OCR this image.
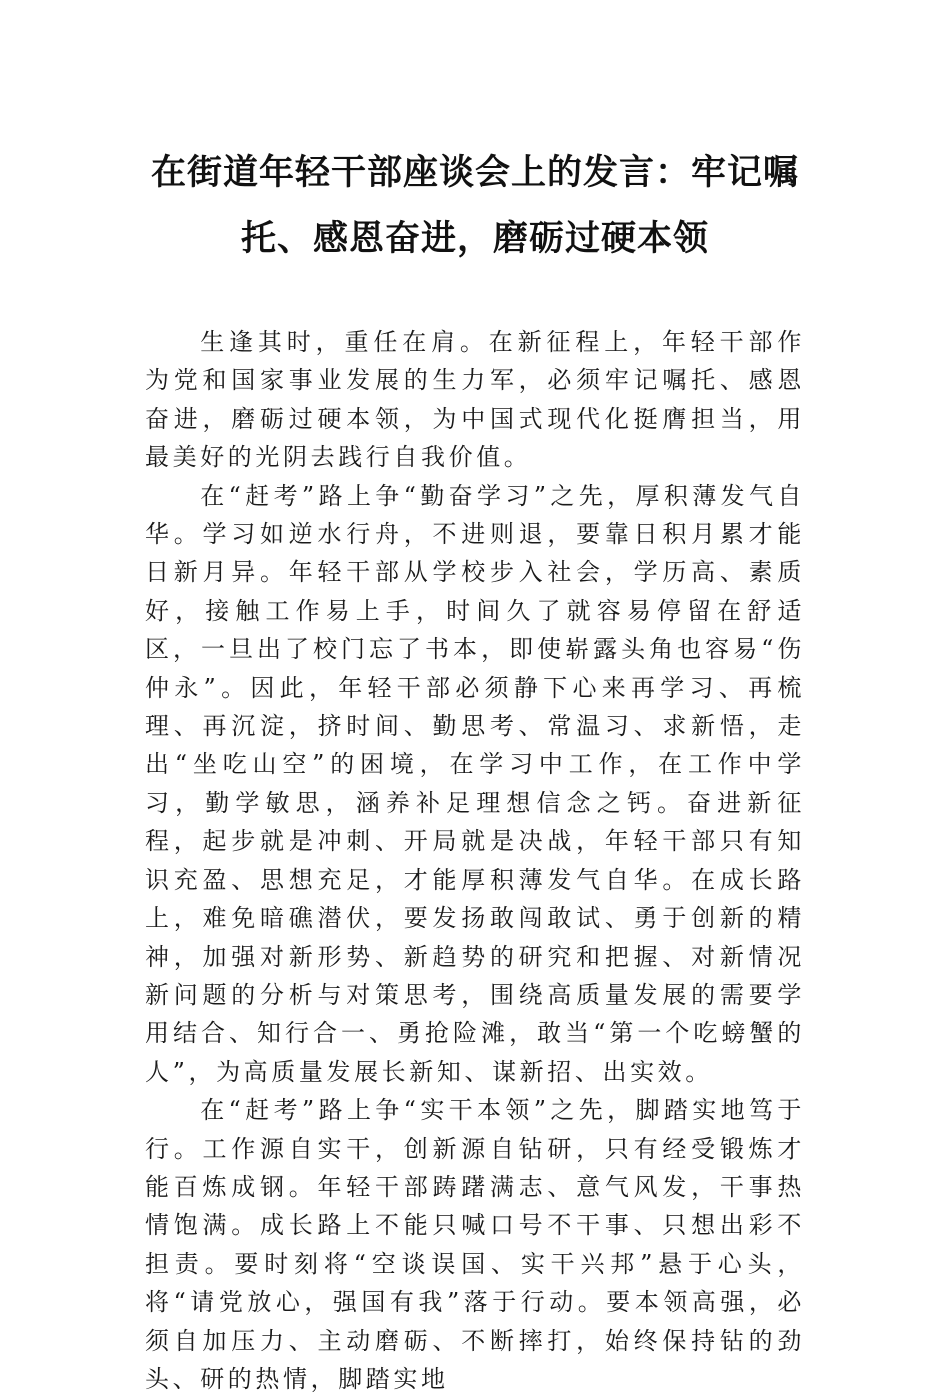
在街道年轻干部座谈会上的发言：牢记嘱
托、感恩奋进，磨砺过硬本领

生逢其时，重任在肩。在新征程上，年轻干部作为党和国家事业发展的生力军，必须牢记嘱托、感恩奋进，磨砺过硬本领，为中国式现代化挺膺担当，用最美好的光阴去践行自我价值。

在“赶考”路上争“勤奋学习”之先，厚积薄发气自华。学习如逆水行舟，不进则退，要靠日积月累才能日新月异。年轻干部从学校步入社会，学历高、素质好，接触工作易上手，时间久了就容易停留在舒适区，一旦出了校门忘了书本，即使崭露头角也容易“伤仲永”。因此，年轻干部必须静下心来再学习、再梳理、再沉淀，挤时间、勤思考、常温习、求新悟，走出“坐吃山空”的困境，在学习中工作，在工作中学习，勤学敏思，涵养补足理想信念之钙。奋进新征程，起步就是冲刺、开局就是决战，年轻干部只有知识充盈、思想充足，才能厚积薄发气自华。在成长路上，难免暗礁潜伏，要发扬敢闯敢试、勇于创新的精神，加强对新形势、新趋势的研究和把握、对新情况新问题的分析与对策思考，围绕高质量发展的需要学用结合、知行合一、勇抢险滩，敢当“第一个吃螃蟹的人”，为高质量发展长新知、谋新招、出实效。

在“赶考”路上争“实干本领”之先，脚踏实地笃于行。工作源自实干，创新源自钻研，只有经受锻炼才能百炼成钢。年轻干部踌躇满志、意气风发，干事热情饱满。成长路上不能只喊口号不干事、只想出彩不担责。要时刻将“空谈误国、实干兴邦”悬于心头，将“请党放心，强国有我”落于行动。要本领高强，必须自加压力、主动磨砺、不断摔打，始终保持钻的劲头、研的热情，脚踏实地
